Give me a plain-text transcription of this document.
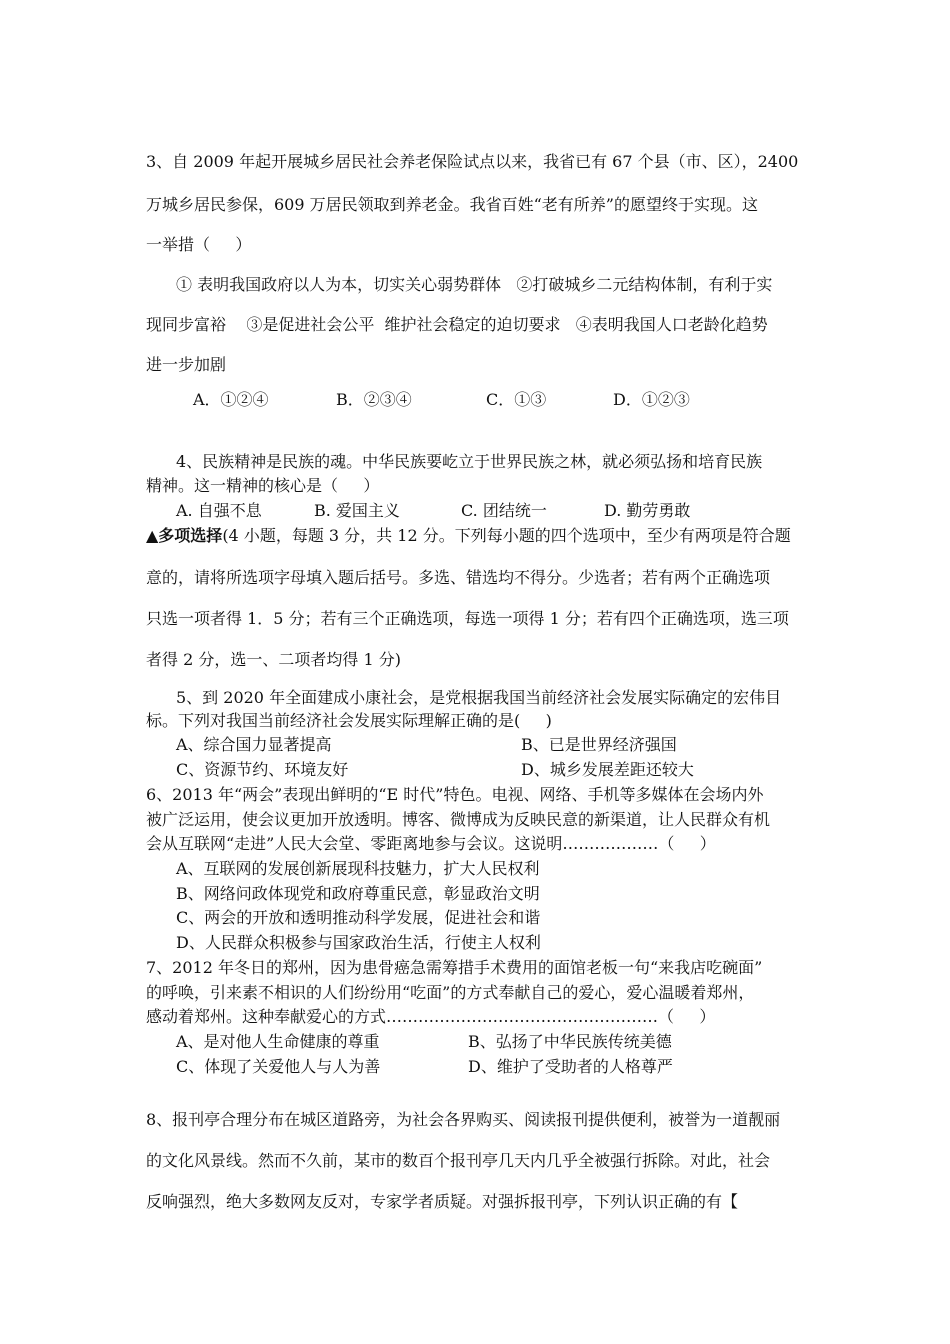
3、自 2009 年起开展城乡居民社会养老保险试点以来，我省已有 67 个县（市、区），2400
万城乡居民参保，609 万居民领取到养老金。我省百姓“老有所养”的愿望终于实现。这
一举措（     ）
① 表明我国政府以人为本，切实关心弱势群体   ②打破城乡二元结构体制，有利于实
现同步富裕    ③是促进社会公平  维护社会稳定的迫切要求   ④表明我国人口老龄化趋势
进一步加剧
A．①②④	B．②③④	C．①③	D．①②③
4、民族精神是民族的魂。中华民族要屹立于世界民族之林，就必须弘扬和培育民族
精神。这一精神的核心是（     ）
A. 自强不息	B. 爱国主义	C. 团结统一	D. 勤劳勇敢
▲多项选择(4 小题，每题 3 分，共 12 分。下列每小题的四个选项中，至少有两项是符合题
意的，请将所选项字母填入题后括号。多选、错选均不得分。少选者；若有两个正确选项
只选一项者得 1．5 分；若有三个正确选项，每选一项得 1 分；若有四个正确选项，选三项
者得 2 分，选一、二项者均得 1 分)
5、到 2020 年全面建成小康社会，是党根据我国当前经济社会发展实际确定的宏伟目
标。下列对我国当前经济社会发展实际理解正确的是(     )
A、综合国力显著提高	B、已是世界经济强国
C、资源节约、环境友好	D、城乡发展差距还较大
6、2013 年“两会”表现出鲜明的“E 时代”特色。电视、网络、手机等多媒体在会场内外
被广泛运用，使会议更加开放透明。博客、微博成为反映民意的新渠道，让人民群众有机
会从互联网“走进”人民大会堂、零距离地参与会议。这说明………………（     ）
A、互联网的发展创新展现科技魅力，扩大人民权利
B、网络问政体现党和政府尊重民意，彰显政治文明
C、两会的开放和透明推动科学发展，促进社会和谐
D、人民群众积极参与国家政治生活，行使主人权利
7、2012 年冬日的郑州，因为患骨癌急需筹措手术费用的面馆老板一句“来我店吃碗面”
的呼唤，引来素不相识的人们纷纷用“吃面”的方式奉献自己的爱心，爱心温暖着郑州，
感动着郑州。这种奉献爱心的方式……………………………………………（     ）
A、是对他人生命健康的尊重	B、弘扬了中华民族传统美德
C、体现了关爱他人与人为善	D、维护了受助者的人格尊严
8、报刊亭合理分布在城区道路旁，为社会各界购买、阅读报刊提供便利，被誉为一道靓丽
的文化风景线。然而不久前，某市的数百个报刊亭几天内几乎全被强行拆除。对此，社会
反响强烈，绝大多数网友反对，专家学者质疑。对强拆报刊亭，下列认识正确的有【
